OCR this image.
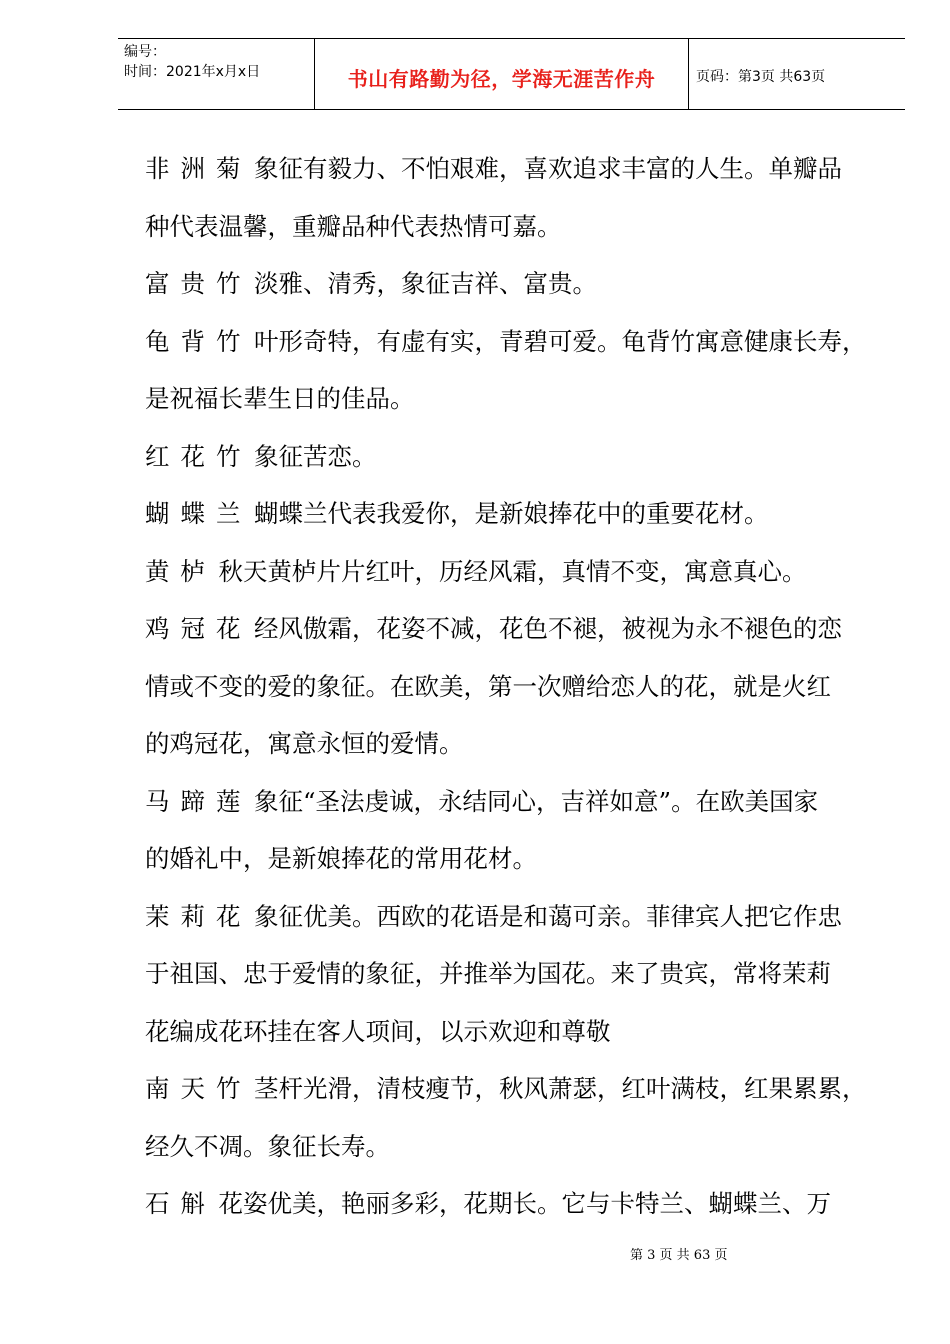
编号：
时间：2021年x月x日	书山有路勤为径，学海无涯苦作舟	页码：第3页 共63页
非洲菊象征有毅力、不怕艰难，喜欢追求丰富的人生。单瓣品
种代表温馨，重瓣品种代表热情可嘉。
富贵竹淡雅、清秀，象征吉祥、富贵。
龟背竹叶形奇特，有虚有实，青碧可爱。龟背竹寓意健康长寿，
是祝福长辈生日的佳品。
红花竹象征苦恋。
蝴蝶兰蝴蝶兰代表我爱你，是新娘捧花中的重要花材。
黄栌秋天黄栌片片红叶，历经风霜，真情不变，寓意真心。
鸡冠花经风傲霜，花姿不减，花色不褪，被视为永不褪色的恋
情或不变的爱的象征。在欧美，第一次赠给恋人的花，就是火红
的鸡冠花，寓意永恒的爱情。
马蹄莲象征“圣法虔诚，永结同心，吉祥如意”。在欧美国家
的婚礼中，是新娘捧花的常用花材。
茉莉花象征优美。西欧的花语是和蔼可亲。菲律宾人把它作忠
于祖国、忠于爱情的象征，并推举为国花。来了贵宾，常将茉莉
花编成花环挂在客人项间，以示欢迎和尊敬
南天竹茎杆光滑，清枝瘦节，秋风萧瑟，红叶满枝，红果累累，
经久不凋。象征长寿。
石斛花姿优美，艳丽多彩，花期长。它与卡特兰、蝴蝶兰、万
第 3 页 共 63 页
